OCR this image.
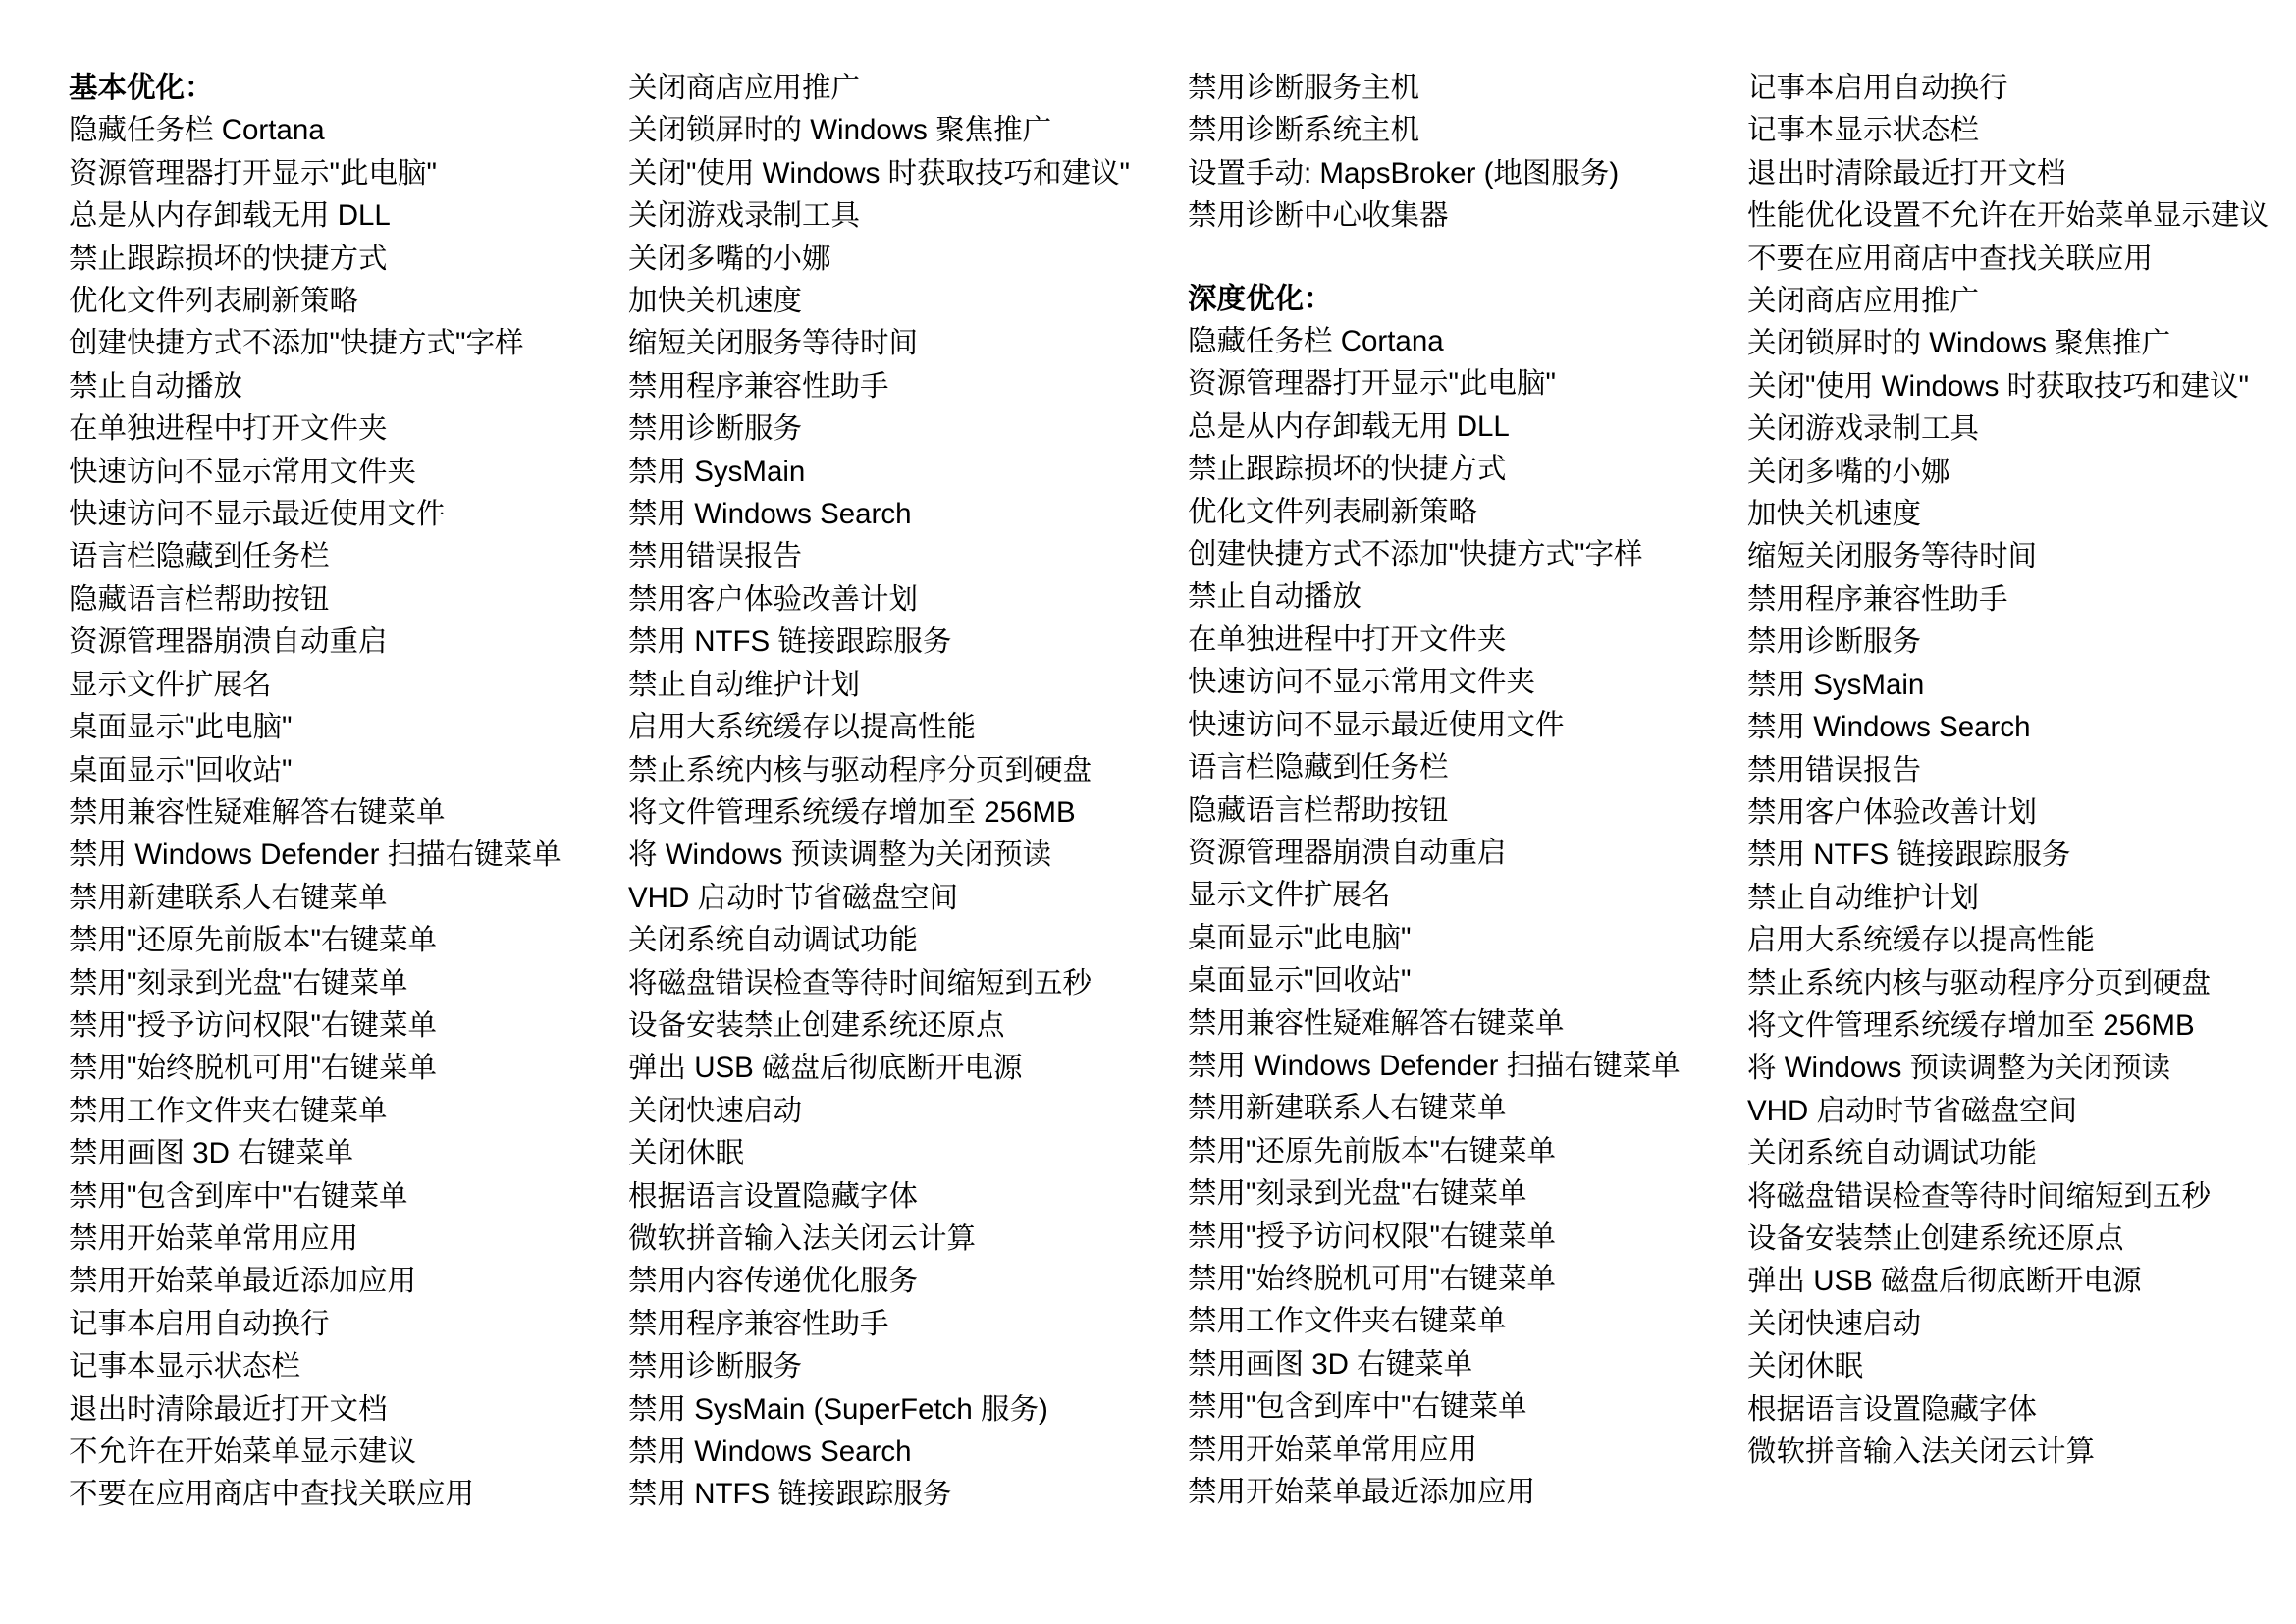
基本优化：
隐藏任务栏 Cortana
资源管理器打开显示"此电脑"
总是从内存卸载无用 DLL
禁止跟踪损坏的快捷方式
优化文件列表刷新策略
创建快捷方式不添加"快捷方式"字样
禁止自动播放
在单独进程中打开文件夹
快速访问不显示常用文件夹
快速访问不显示最近使用文件
语言栏隐藏到任务栏
隐藏语言栏帮助按钮
资源管理器崩溃自动重启
显示文件扩展名
桌面显示"此电脑"
桌面显示"回收站"
禁用兼容性疑难解答右键菜单
禁用 Windows Defender 扫描右键菜单
禁用新建联系人右键菜单
禁用"还原先前版本"右键菜单
禁用"刻录到光盘"右键菜单
禁用"授予访问权限"右键菜单
禁用"始终脱机可用"右键菜单
禁用工作文件夹右键菜单
禁用画图 3D 右键菜单
禁用"包含到库中"右键菜单
禁用开始菜单常用应用
禁用开始菜单最近添加应用
记事本启用自动换行
记事本显示状态栏
退出时清除最近打开文档
不允许在开始菜单显示建议
不要在应用商店中查找关联应用
关闭商店应用推广
关闭锁屏时的 Windows 聚焦推广
关闭"使用 Windows 时获取技巧和建议"
关闭游戏录制工具
关闭多嘴的小娜
加快关机速度
缩短关闭服务等待时间
禁用程序兼容性助手
禁用诊断服务
禁用 SysMain
禁用 Windows Search
禁用错误报告
禁用客户体验改善计划
禁用 NTFS 链接跟踪服务
禁止自动维护计划
启用大系统缓存以提高性能
禁止系统内核与驱动程序分页到硬盘
将文件管理系统缓存增加至 256MB
将 Windows 预读调整为关闭预读
VHD 启动时节省磁盘空间
关闭系统自动调试功能
将磁盘错误检查等待时间缩短到五秒
设备安装禁止创建系统还原点
弹出 USB 磁盘后彻底断开电源
关闭快速启动
关闭休眠
根据语言设置隐藏字体
微软拼音输入法关闭云计算
禁用内容传递优化服务
禁用程序兼容性助手
禁用诊断服务
禁用 SysMain (SuperFetch 服务)
禁用 Windows Search
禁用 NTFS 链接跟踪服务
禁用诊断服务主机
禁用诊断系统主机
设置手动: MapsBroker (地图服务)
禁用诊断中心收集器
深度优化：
隐藏任务栏 Cortana
资源管理器打开显示"此电脑"
总是从内存卸载无用 DLL
禁止跟踪损坏的快捷方式
优化文件列表刷新策略
创建快捷方式不添加"快捷方式"字样
禁止自动播放
在单独进程中打开文件夹
快速访问不显示常用文件夹
快速访问不显示最近使用文件
语言栏隐藏到任务栏
隐藏语言栏帮助按钮
资源管理器崩溃自动重启
显示文件扩展名
桌面显示"此电脑"
桌面显示"回收站"
禁用兼容性疑难解答右键菜单
禁用 Windows Defender 扫描右键菜单
禁用新建联系人右键菜单
禁用"还原先前版本"右键菜单
禁用"刻录到光盘"右键菜单
禁用"授予访问权限"右键菜单
禁用"始终脱机可用"右键菜单
禁用工作文件夹右键菜单
禁用画图 3D 右键菜单
禁用"包含到库中"右键菜单
禁用开始菜单常用应用
禁用开始菜单最近添加应用
记事本启用自动换行
记事本显示状态栏
退出时清除最近打开文档
性能优化设置不允许在开始菜单显示建议
不要在应用商店中查找关联应用
关闭商店应用推广
关闭锁屏时的 Windows 聚焦推广
关闭"使用 Windows 时获取技巧和建议"
关闭游戏录制工具
关闭多嘴的小娜
加快关机速度
缩短关闭服务等待时间
禁用程序兼容性助手
禁用诊断服务
禁用 SysMain
禁用 Windows Search
禁用错误报告
禁用客户体验改善计划
禁用 NTFS 链接跟踪服务
禁止自动维护计划
启用大系统缓存以提高性能
禁止系统内核与驱动程序分页到硬盘
将文件管理系统缓存增加至 256MB
将 Windows 预读调整为关闭预读
VHD 启动时节省磁盘空间
关闭系统自动调试功能
将磁盘错误检查等待时间缩短到五秒
设备安装禁止创建系统还原点
弹出 USB 磁盘后彻底断开电源
关闭快速启动
关闭休眠
根据语言设置隐藏字体
微软拼音输入法关闭云计算
